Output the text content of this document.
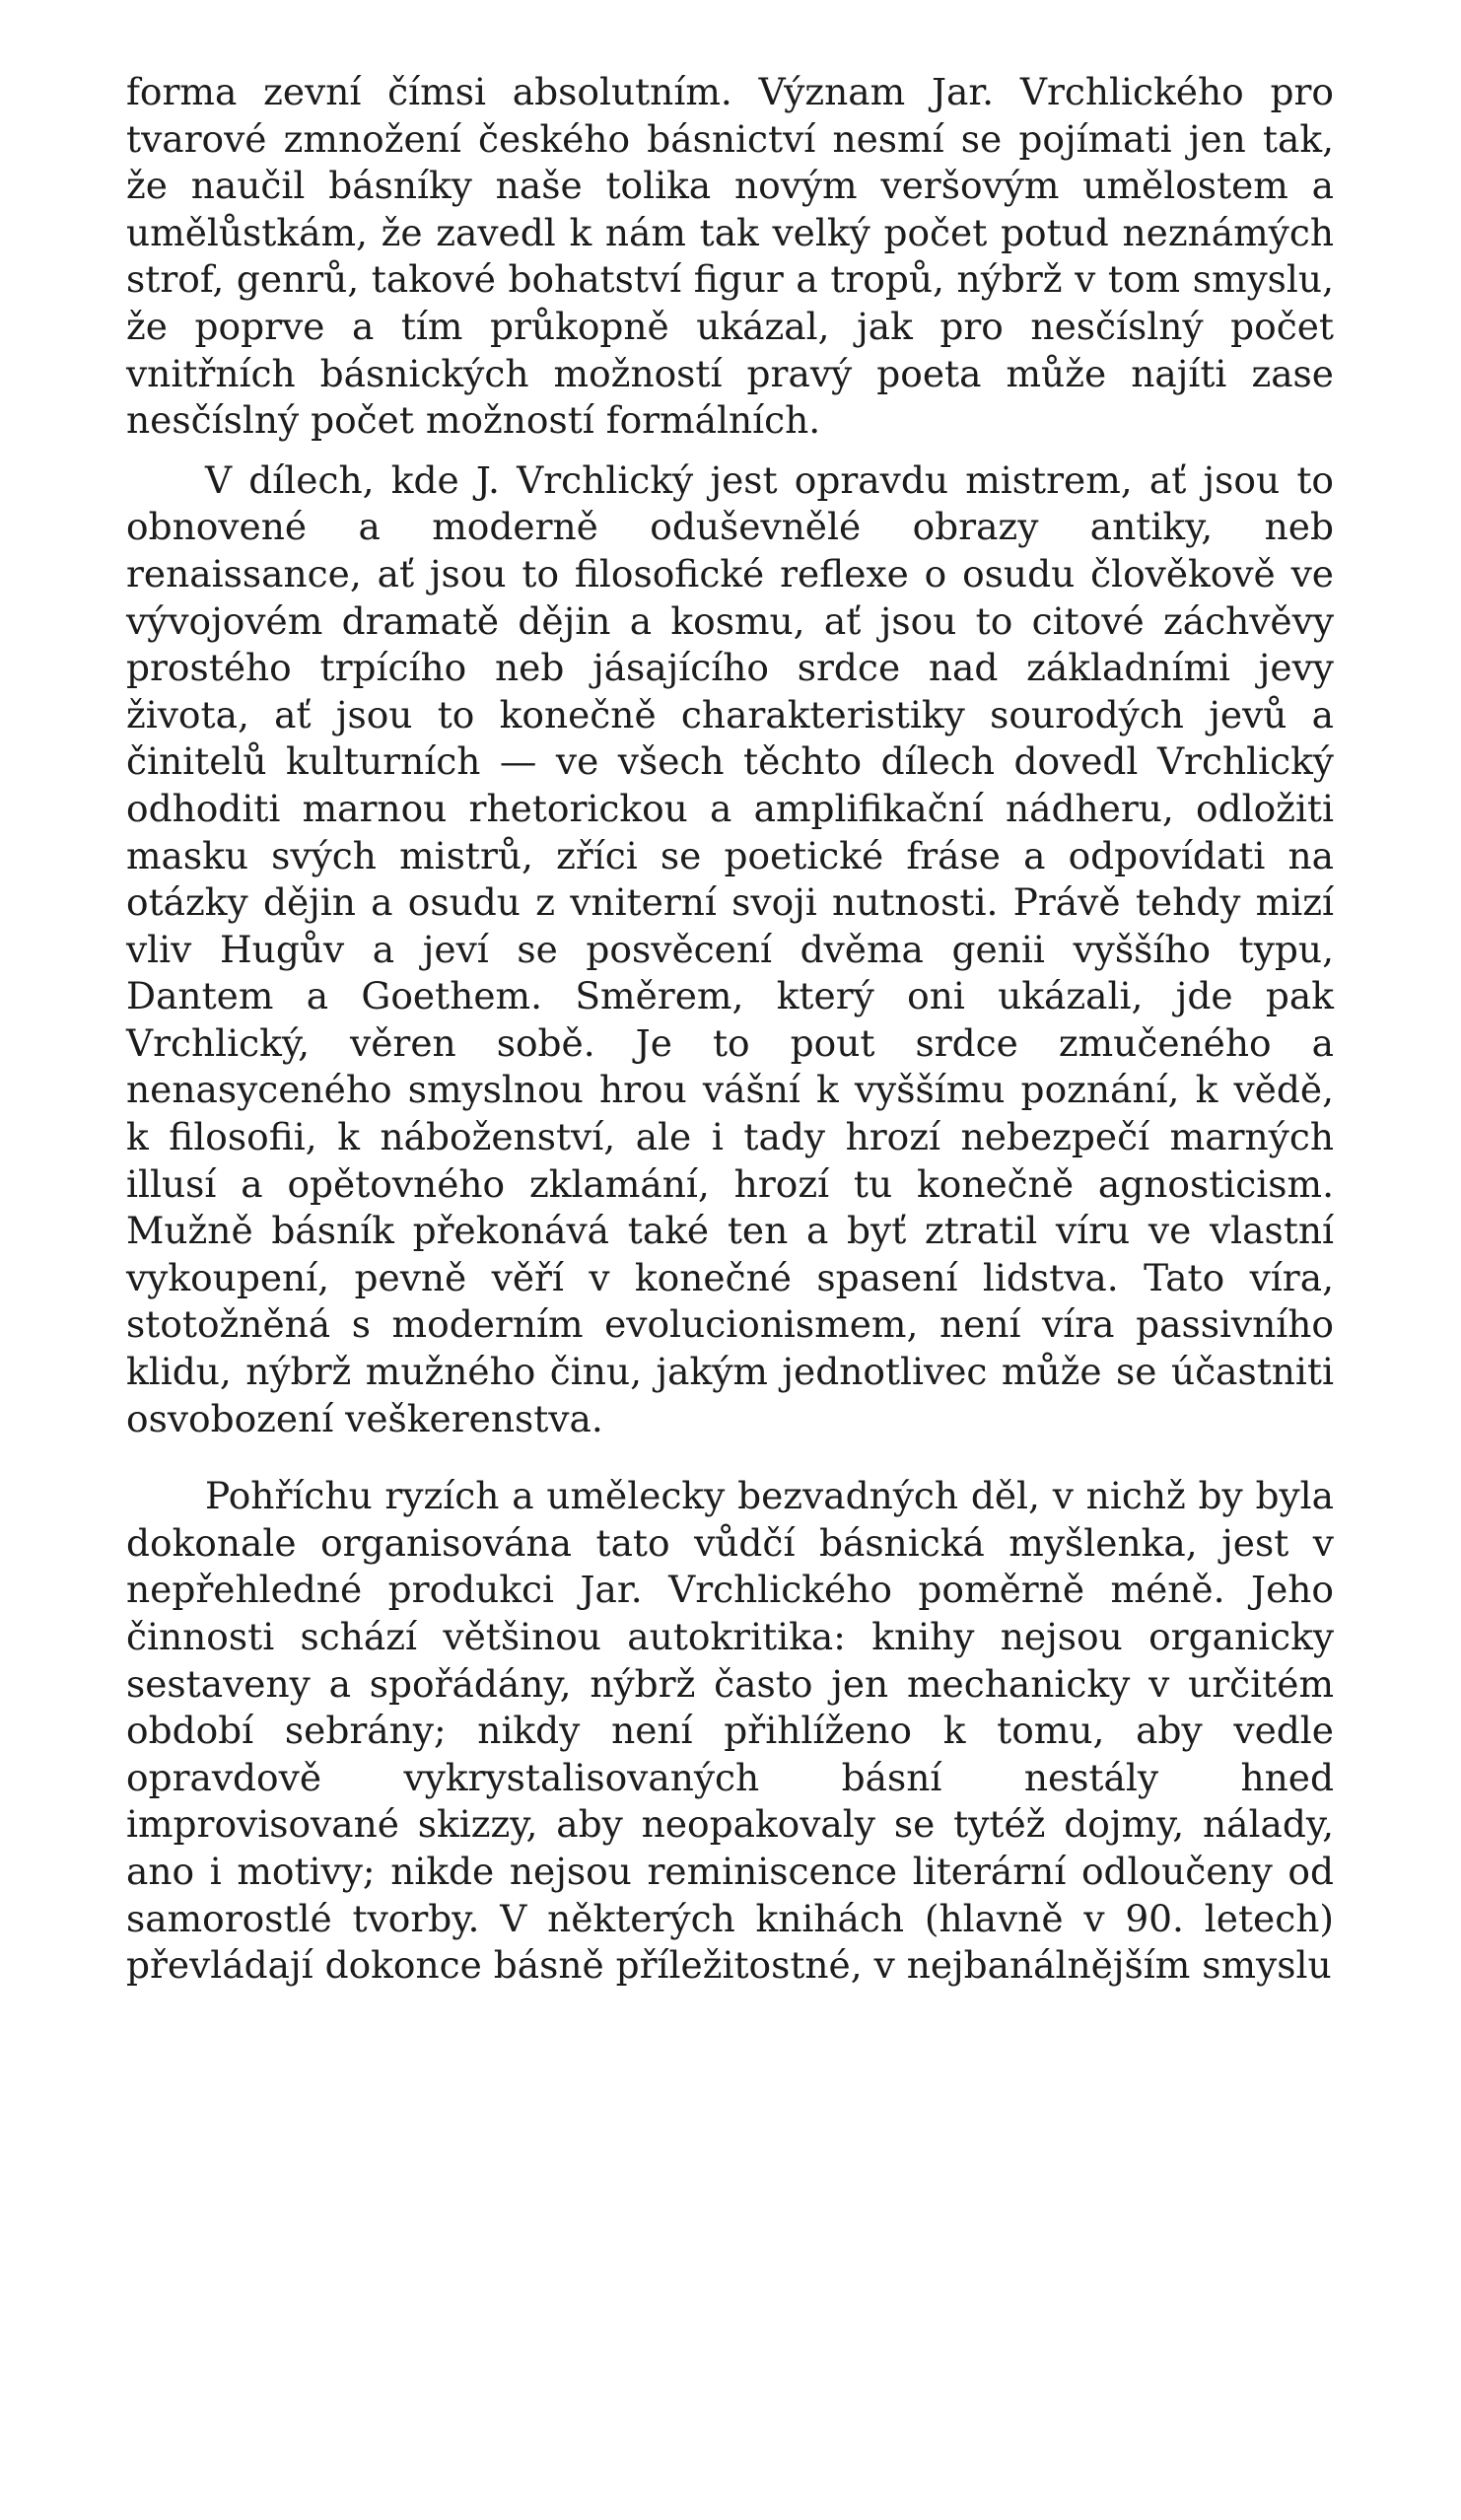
forma zevní čímsi absolutním. Význam Jar. Vrchlického pro tvarové zmnožení českého básnictví nesmí se pojímati jen tak, že naučil básníky naše tolika novým veršovým umělostem a umělůstkám, že zavedl k nám tak velký počet potud neznámých strof, genrů, takové bohatství figur a tropů, nýbrž v tom smyslu, že poprve a tím průkopně ukázal, jak pro nesčíslný počet vnitřních básnických možností pravý poeta může najíti zase nesčíslný počet možností formálních.

V dílech, kde J. Vrchlický jest opravdu mistrem, ať jsou to obnovené a moderně oduševnělé obrazy antiky, neb renaissance, ať jsou to filosofické reflexe o osudu člověkově ve vývojovém dramatě dějin a kosmu, ať jsou to citové záchvěvy prostého trpícího neb jásajícího srdce nad základními jevy života, ať jsou to konečně charakteristiky sourodých jevů a činitelů kulturních — ve všech těchto dílech dovedl Vrchlický odhoditi marnou rhetorickou a amplifikační nádheru, odložiti masku svých mistrů, zříci se poetické fráse a odpovídati na otázky dějin a osudu z vniterní svoji nutnosti. Právě tehdy mizí vliv Hugův a jeví se posvěcení dvěma genii vyššího typu, Dantem a Goethem. Směrem, který oni ukázali, jde pak Vrchlický, věren sobě. Je to pout srdce zmučeného a nenasyceného smyslnou hrou vášní k vyššímu poznání, k vědě, k filosofii, k náboženství, ale i tady hrozí nebezpečí marných illusí a opětovného zklamání, hrozí tu konečně agnosticism. Mužně básník překonává také ten a byť ztratil víru ve vlastní vykoupení, pevně věří v konečné spasení lidstva. Tato víra, stotožněná s moderním evolucionismem, není víra passivního klidu, nýbrž mužného činu, jakým jednotlivec může se účastniti osvobození veškerenstva.

Pohříchu ryzích a umělecky bezvadných děl, v nichž by byla dokonale organisována tato vůdčí básnická myšlenka, jest v nepřehledné produkci Jar. Vrchlického poměrně méně. Jeho činnosti schází většinou autokritika: knihy nejsou organicky sestaveny a spořádány, nýbrž často jen mechanicky v určitém období sebrány; nikdy není přihlíženo k tomu, aby vedle opravdově vykrystalisovaných básní nestály hned improvisované skizzy, aby neopakovaly se tytéž dojmy, nálady, ano i motivy; nikde nejsou reminiscence literární odloučeny od samorostlé tvorby. V některých knihách (hlavně v 90. letech) převládají dokonce básně příležitostné, v nejbanálnějším smyslu
